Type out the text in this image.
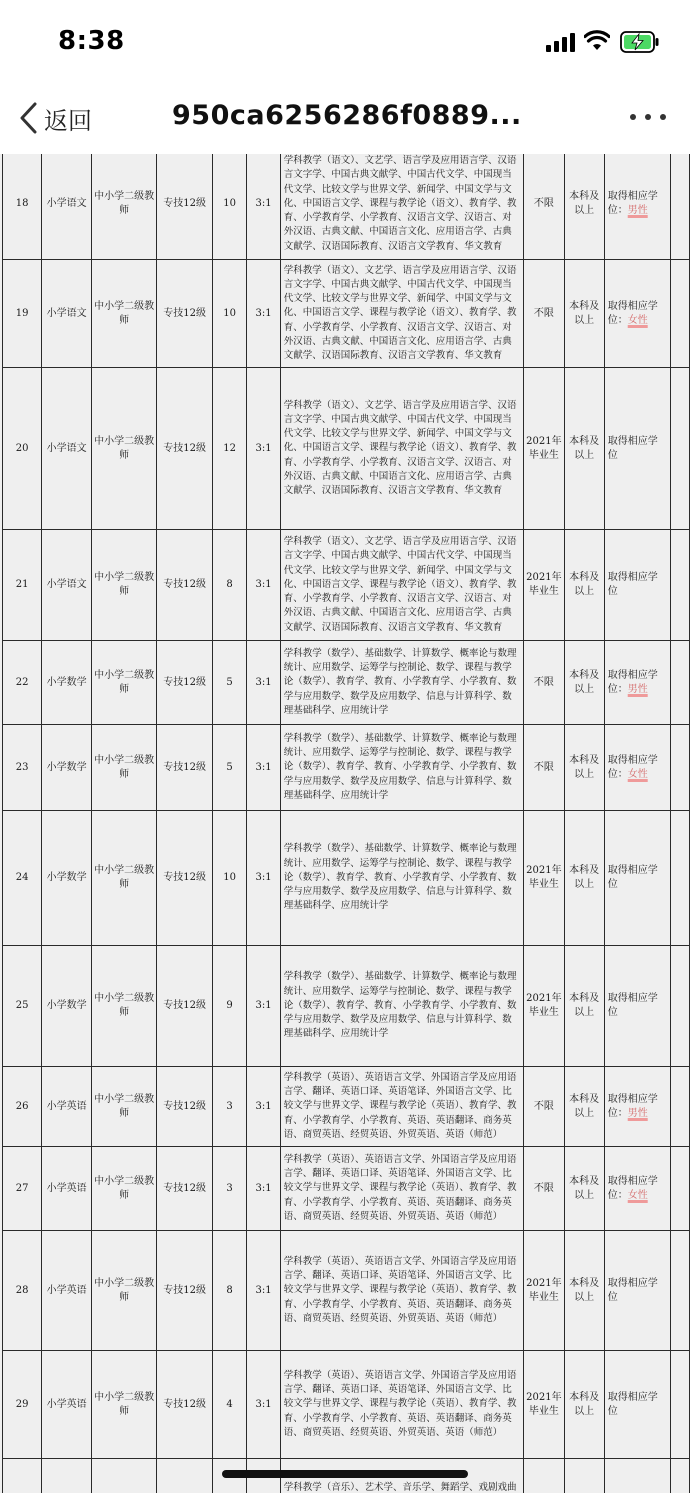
8:38
返回	950ca6256286f0889...
18	小学语文	中小学二级教师	专技12级	10	3:1	学科教学（语文）、文艺学、语言学及应用语言学、汉语言文字学、中国古典文献学、中国古代文学、中国现当代文学、比较文学与世界文学、新闻学、中国文学与文化、中国语言文学、课程与教学论（语文）、教育学、教育、小学教育学、小学教育、汉语言文学、汉语言、对外汉语、古典文献、中国语言文化、应用语言学、古典文献学、汉语国际教育、汉语言文学教育、华文教育	不限	本科及以上	取得相应学位：男性	
19	小学语文	中小学二级教师	专技12级	10	3:1	学科教学（语文）、文艺学、语言学及应用语言学、汉语言文字学、中国古典文献学、中国古代文学、中国现当代文学、比较文学与世界文学、新闻学、中国文学与文化、中国语言文学、课程与教学论（语文）、教育学、教育、小学教育学、小学教育、汉语言文学、汉语言、对外汉语、古典文献、中国语言文化、应用语言学、古典文献学、汉语国际教育、汉语言文学教育、华文教育	不限	本科及以上	取得相应学位：女性	
20	小学语文	中小学二级教师	专技12级	12	3:1	学科教学（语文）、文艺学、语言学及应用语言学、汉语言文字学、中国古典文献学、中国古代文学、中国现当代文学、比较文学与世界文学、新闻学、中国文学与文化、中国语言文学、课程与教学论（语文）、教育学、教育、小学教育学、小学教育、汉语言文学、汉语言、对外汉语、古典文献、中国语言文化、应用语言学、古典文献学、汉语国际教育、汉语言文学教育、华文教育	2021年毕业生	本科及以上	取得相应学位	
21	小学语文	中小学二级教师	专技12级	8	3:1	学科教学（语文）、文艺学、语言学及应用语言学、汉语言文字学、中国古典文献学、中国古代文学、中国现当代文学、比较文学与世界文学、新闻学、中国文学与文化、中国语言文学、课程与教学论（语文）、教育学、教育、小学教育学、小学教育、汉语言文学、汉语言、对外汉语、古典文献、中国语言文化、应用语言学、古典文献学、汉语国际教育、汉语言文学教育、华文教育	2021年毕业生	本科及以上	取得相应学位	
22	小学数学	中小学二级教师	专技12级	5	3:1	学科教学（数学）、基础数学、计算数学、概率论与数理统计、应用数学、运筹学与控制论、数学、课程与教学论（数学）、教育学、教育、小学教育学、小学教育、数学与应用数学、数学及应用数学、信息与计算科学、数理基础科学、应用统计学	不限	本科及以上	取得相应学位：男性	
23	小学数学	中小学二级教师	专技12级	5	3:1	学科教学（数学）、基础数学、计算数学、概率论与数理统计、应用数学、运筹学与控制论、数学、课程与教学论（数学）、教育学、教育、小学教育学、小学教育、数学与应用数学、数学及应用数学、信息与计算科学、数理基础科学、应用统计学	不限	本科及以上	取得相应学位：女性	
24	小学数学	中小学二级教师	专技12级	10	3:1	学科教学（数学）、基础数学、计算数学、概率论与数理统计、应用数学、运筹学与控制论、数学、课程与教学论（数学）、教育学、教育、小学教育学、小学教育、数学与应用数学、数学及应用数学、信息与计算科学、数理基础科学、应用统计学	2021年毕业生	本科及以上	取得相应学位	
25	小学数学	中小学二级教师	专技12级	9	3:1	学科教学（数学）、基础数学、计算数学、概率论与数理统计、应用数学、运筹学与控制论、数学、课程与教学论（数学）、教育学、教育、小学教育学、小学教育、数学与应用数学、数学及应用数学、信息与计算科学、数理基础科学、应用统计学	2021年毕业生	本科及以上	取得相应学位	
26	小学英语	中小学二级教师	专技12级	3	3:1	学科教学（英语）、英语语言文学、外国语言学及应用语言学、翻译、英语口译、英语笔译、外国语言文学、比较文学与世界文学、课程与教学论（英语）、教育学、教育、小学教育学、小学教育、英语、英语翻译、商务英语、商贸英语、经贸英语、外贸英语、英语（师范）	不限	本科及以上	取得相应学位：男性	
27	小学英语	中小学二级教师	专技12级	3	3:1	学科教学（英语）、英语语言文学、外国语言学及应用语言学、翻译、英语口译、英语笔译、外国语言文学、比较文学与世界文学、课程与教学论（英语）、教育学、教育、小学教育学、小学教育、英语、英语翻译、商务英语、商贸英语、经贸英语、外贸英语、英语（师范）	不限	本科及以上	取得相应学位：女性	
28	小学英语	中小学二级教师	专技12级	8	3:1	学科教学（英语）、英语语言文学、外国语言学及应用语言学、翻译、英语口译、英语笔译、外国语言文学、比较文学与世界文学、课程与教学论（英语）、教育学、教育、小学教育学、小学教育、英语、英语翻译、商务英语、商贸英语、经贸英语、外贸英语、英语（师范）	2021年毕业生	本科及以上	取得相应学位	
29	小学英语	中小学二级教师	专技12级	4	3:1	学科教学（英语）、英语语言文学、外国语言学及应用语言学、翻译、英语口译、英语笔译、外国语言文学、比较文学与世界文学、课程与教学论（英语）、教育学、教育、小学教育学、小学教育、英语、英语翻译、商务英语、商贸英语、经贸英语、外贸英语、英语（师范）	2021年毕业生	本科及以上	取得相应学位	
						学科教学（音乐）、艺术学、音乐学、舞蹈学、戏剧戏曲				
